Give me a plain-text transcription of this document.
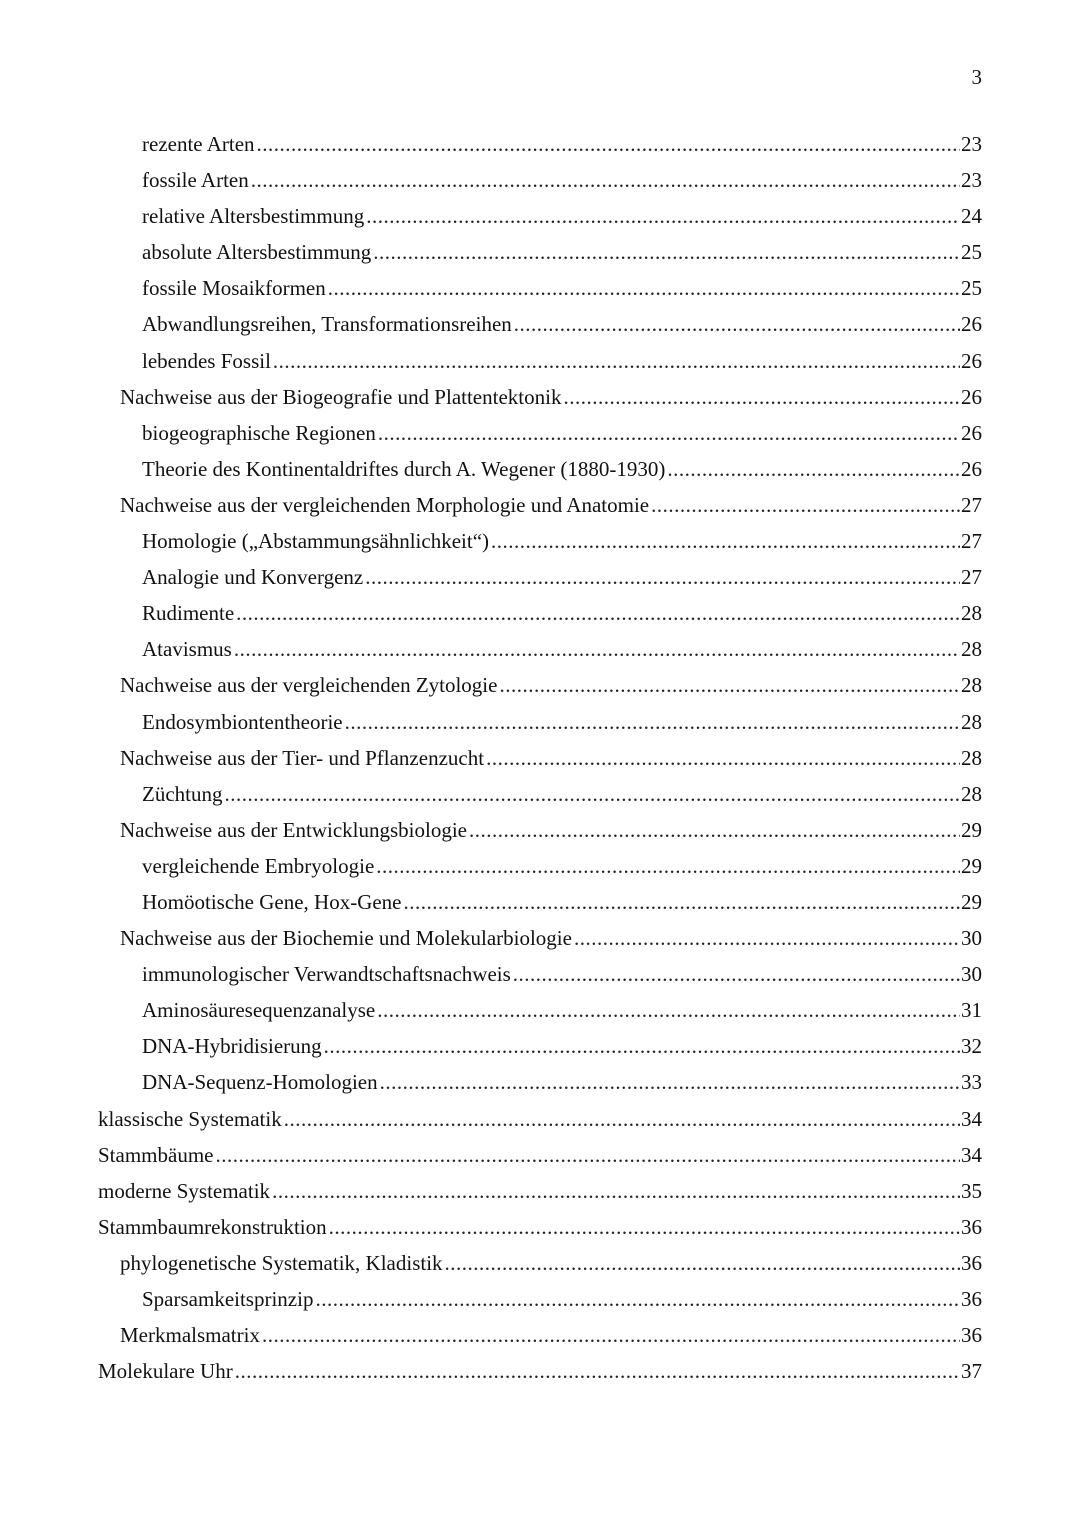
3
rezente Arten .....	23
fossile Arten .....	23
relative Altersbestimmung .....	24
absolute Altersbestimmung .....	25
fossile Mosaikformen .....	25
Abwandlungsreihen, Transformationsreihen .....	26
lebendes Fossil .....	26
Nachweise aus der Biogeografie und Plattentektonik .....	26
biogeographische Regionen .....	26
Theorie des Kontinentaldriftes durch A. Wegener (1880-1930) .....	26
Nachweise aus der vergleichenden Morphologie und Anatomie .....	27
Homologie („Abstammungsähnlichkeit“) .....	27
Analogie und Konvergenz .....	27
Rudimente .....	28
Atavismus .....	28
Nachweise aus der vergleichenden Zytologie .....	28
Endosymbiontentheorie .....	28
Nachweise aus der Tier- und Pflanzenzucht .....	28
Züchtung .....	28
Nachweise aus der Entwicklungsbiologie .....	29
vergleichende Embryologie .....	29
Homöotische Gene, Hox-Gene .....	29
Nachweise aus der Biochemie und Molekularbiologie .....	30
immunologischer Verwandtschaftsnachweis .....	30
Aminosäuresequenzanalyse .....	31
DNA-Hybridisierung .....	32
DNA-Sequenz-Homologien .....	33
klassische Systematik .....	34
Stammbäume .....	34
moderne Systematik .....	35
Stammbaumrekonstruktion .....	36
phylogenetische Systematik, Kladistik .....	36
Sparsamkeitsprinzip .....	36
Merkmalsmatrix .....	36
Molekulare Uhr .....	37
